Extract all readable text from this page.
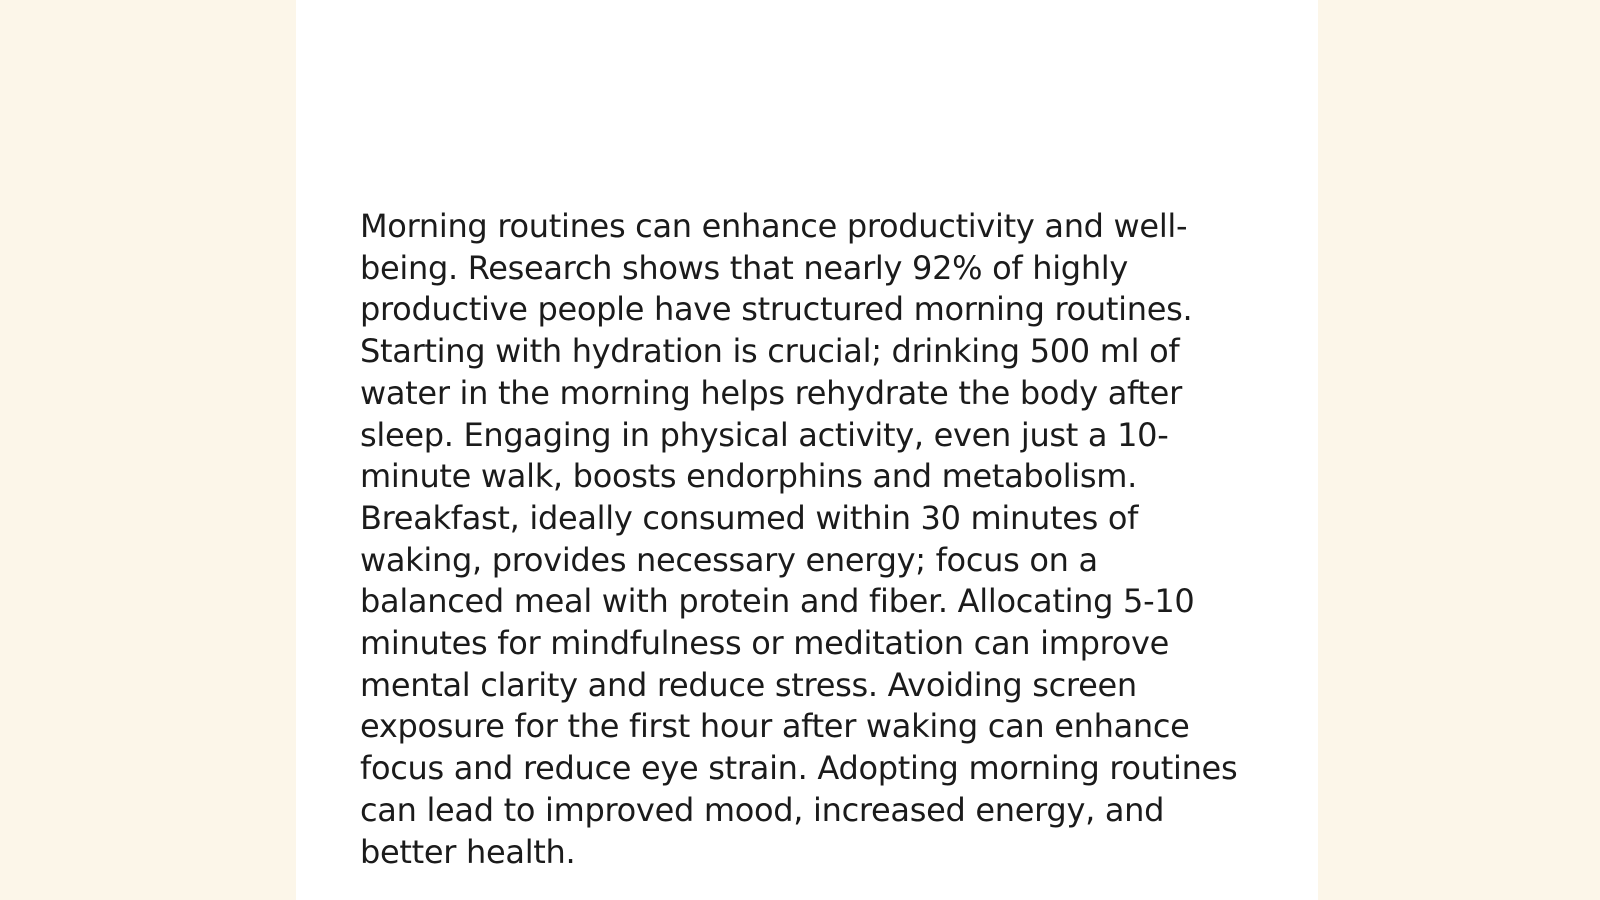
Morning routines can enhance productivity and well-being. Research shows that nearly 92% of highly productive people have structured morning routines. Starting with hydration is crucial; drinking 500 ml of water in the morning helps rehydrate the body after sleep. Engaging in physical activity, even just a 10-minute walk, boosts endorphins and metabolism. Breakfast, ideally consumed within 30 minutes of waking, provides necessary energy; focus on a balanced meal with protein and fiber. Allocating 5-10 minutes for mindfulness or meditation can improve mental clarity and reduce stress. Avoiding screen exposure for the first hour after waking can enhance focus and reduce eye strain. Adopting morning routines can lead to improved mood, increased energy, and better health.
